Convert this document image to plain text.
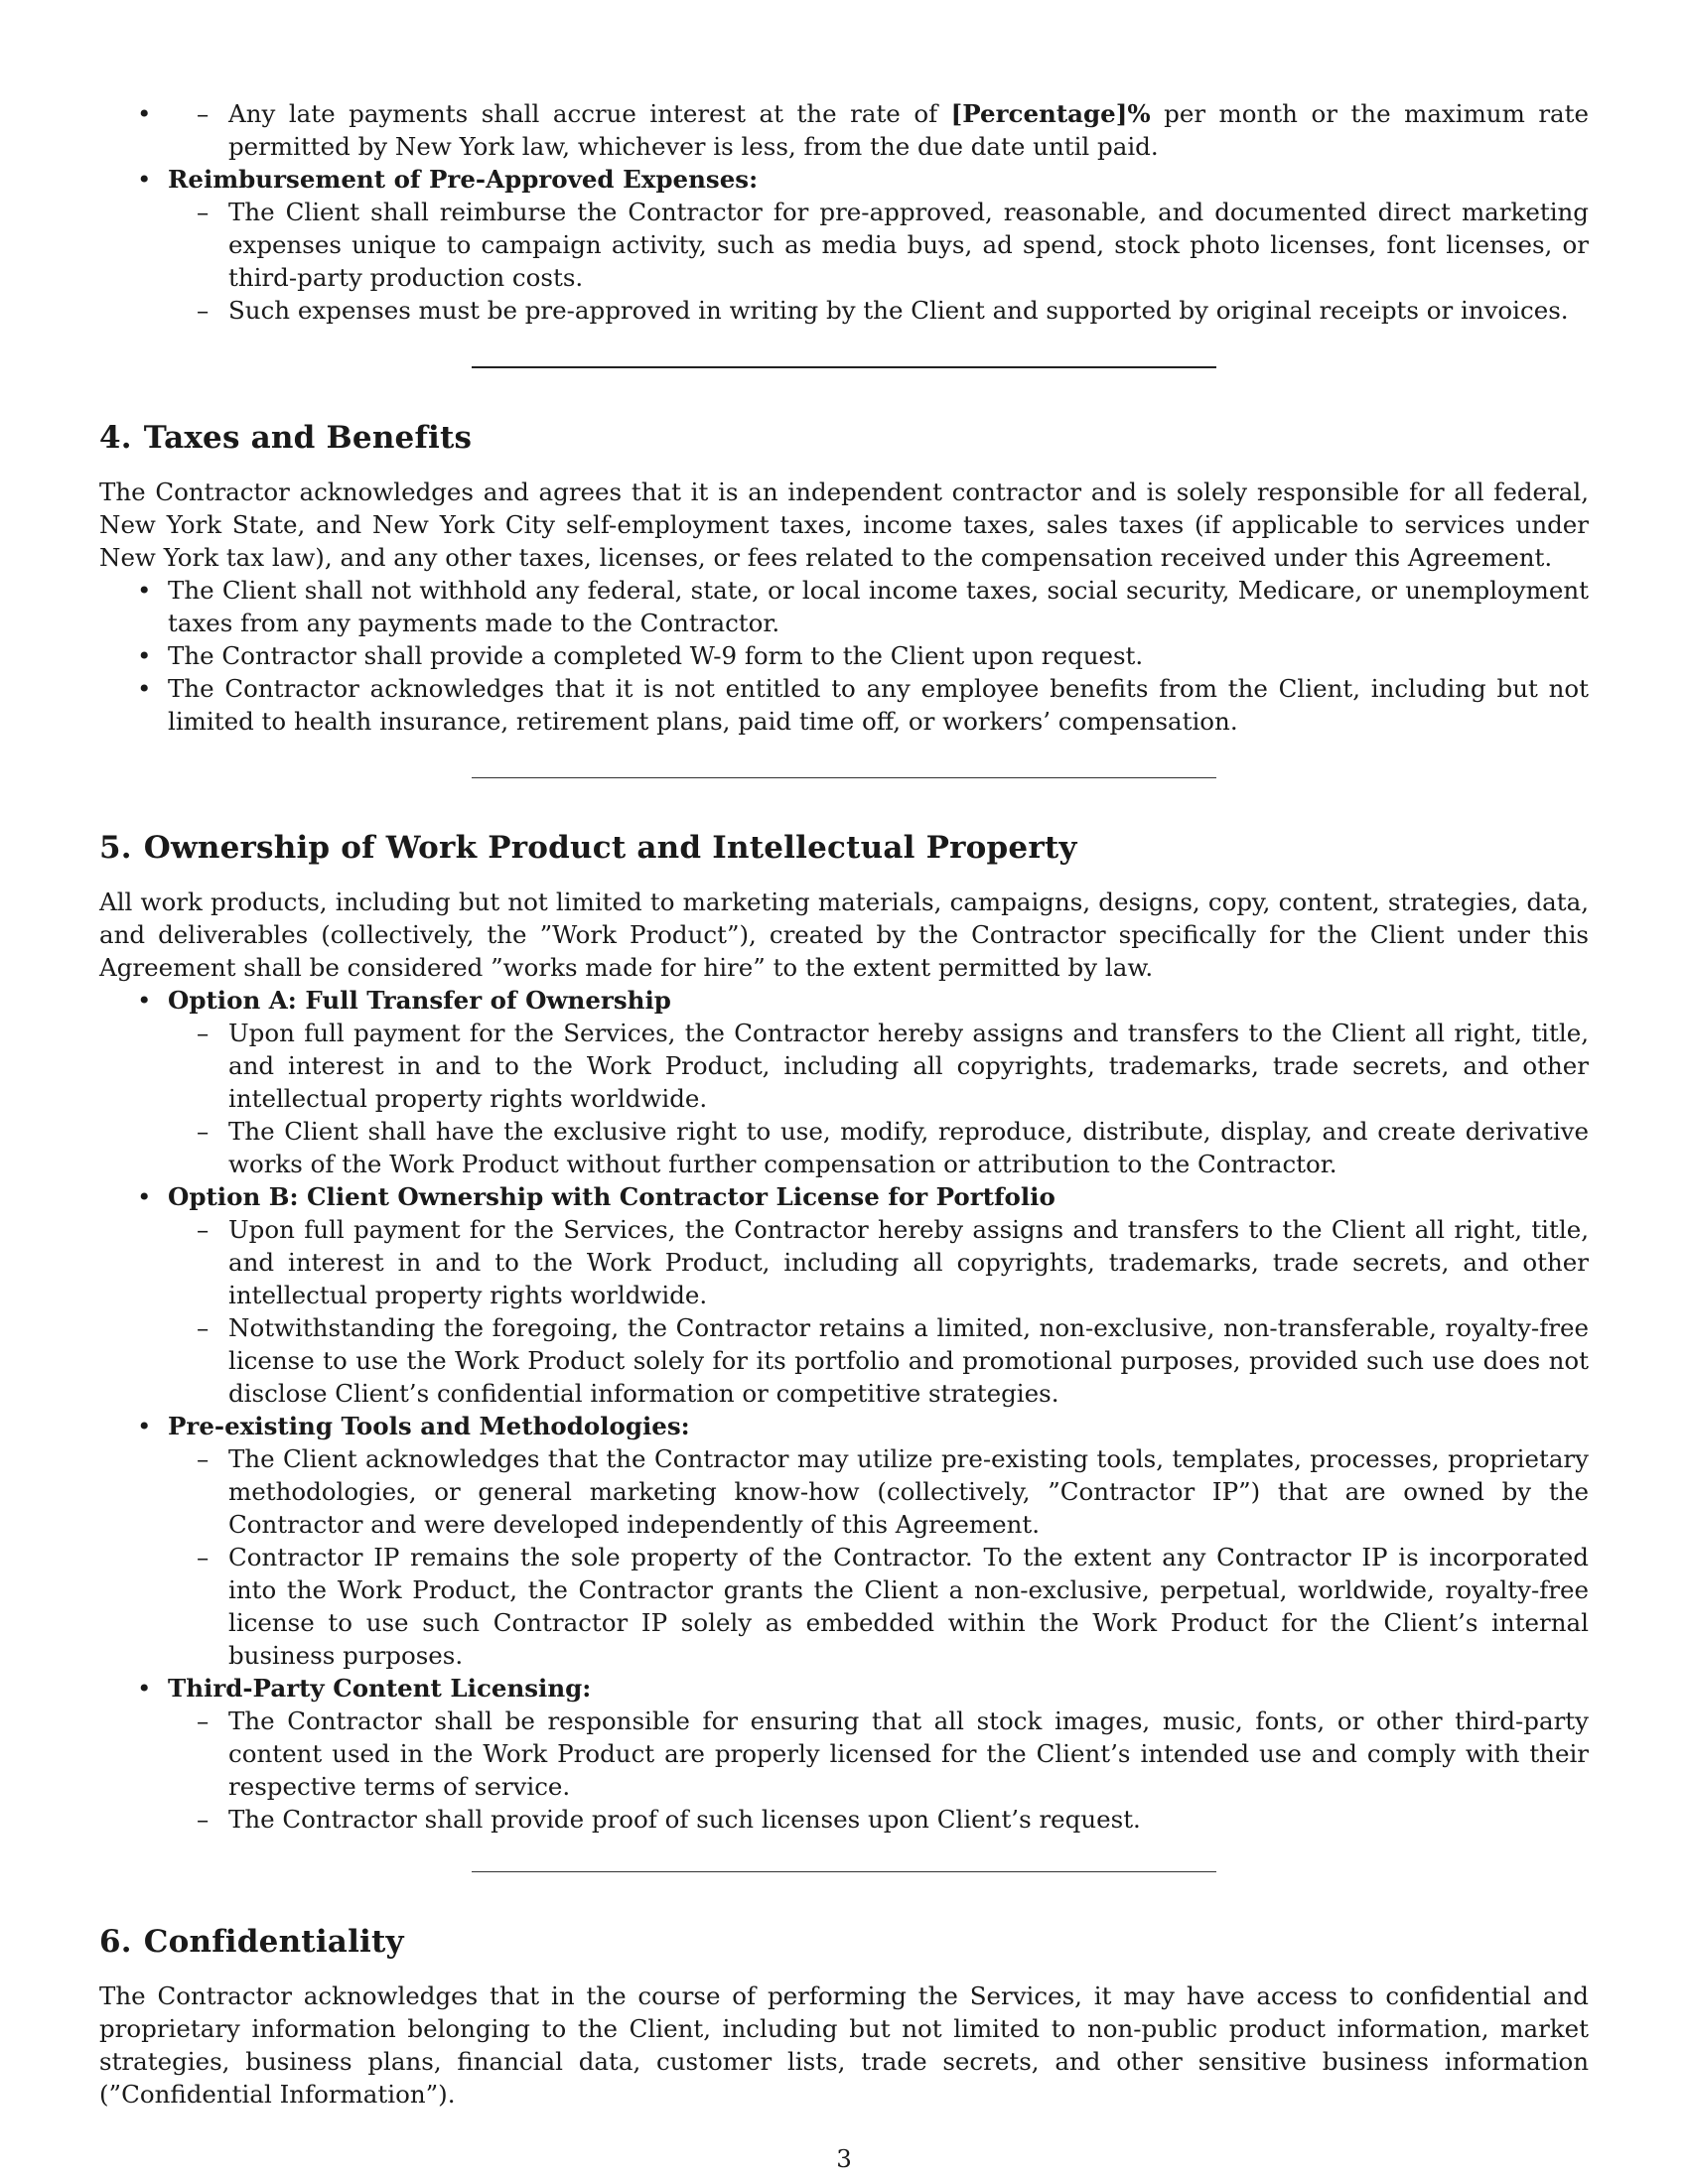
– • Any late payments shall accrue interest at the rate of [Percentage]% per month or the maximum rate permitted by New York law, whichever is less, from the due date until paid.
• Reimbursement of Pre-Approved Expenses:
– The Client shall reimburse the Contractor for pre-approved, reasonable, and documented direct marketing expenses unique to campaign activity, such as media buys, ad spend, stock photo licenses, font licenses, or third-party production costs.
– Such expenses must be pre-approved in writing by the Client and supported by original receipts or invoices.
4. Taxes and Benefits
The Contractor acknowledges and agrees that it is an independent contractor and is solely responsible for all federal, New York State, and New York City self-employment taxes, income taxes, sales taxes (if applicable to services under New York tax law), and any other taxes, licenses, or fees related to the compensation received under this Agreement.
• The Client shall not withhold any federal, state, or local income taxes, social security, Medicare, or unemployment taxes from any payments made to the Contractor.
• The Contractor shall provide a completed W-9 form to the Client upon request.
• The Contractor acknowledges that it is not entitled to any employee benefits from the Client, including but not limited to health insurance, retirement plans, paid time off, or workers’ compensation.
5. Ownership of Work Product and Intellectual Property
All work products, including but not limited to marketing materials, campaigns, designs, copy, content, strategies, data, and deliverables (collectively, the ”Work Product”), created by the Contractor specifically for the Client under this Agreement shall be considered ”works made for hire” to the extent permitted by law.
• Option A: Full Transfer of Ownership
– Upon full payment for the Services, the Contractor hereby assigns and transfers to the Client all right, title, and interest in and to the Work Product, including all copyrights, trademarks, trade secrets, and other intellectual property rights worldwide.
– The Client shall have the exclusive right to use, modify, reproduce, distribute, display, and create derivative works of the Work Product without further compensation or attribution to the Contractor.
• Option B: Client Ownership with Contractor License for Portfolio
– Upon full payment for the Services, the Contractor hereby assigns and transfers to the Client all right, title, and interest in and to the Work Product, including all copyrights, trademarks, trade secrets, and other intellectual property rights worldwide.
– Notwithstanding the foregoing, the Contractor retains a limited, non-exclusive, non-transferable, royalty-free license to use the Work Product solely for its portfolio and promotional purposes, provided such use does not disclose Client’s confidential information or competitive strategies.
• Pre-existing Tools and Methodologies:
– The Client acknowledges that the Contractor may utilize pre-existing tools, templates, processes, proprietary methodologies, or general marketing know-how (collectively, ”Contractor IP”) that are owned by the Contractor and were developed independently of this Agreement.
– Contractor IP remains the sole property of the Contractor. To the extent any Contractor IP is incorporated into the Work Product, the Contractor grants the Client a non-exclusive, perpetual, worldwide, royalty-free license to use such Contractor IP solely as embedded within the Work Product for the Client’s internal business purposes.
• Third-Party Content Licensing:
– The Contractor shall be responsible for ensuring that all stock images, music, fonts, or other third-party content used in the Work Product are properly licensed for the Client’s intended use and comply with their respective terms of service.
– The Contractor shall provide proof of such licenses upon Client’s request.
6. Confidentiality
The Contractor acknowledges that in the course of performing the Services, it may have access to confidential and proprietary information belonging to the Client, including but not limited to non-public product information, market strategies, business plans, financial data, customer lists, trade secrets, and other sensitive business information (”Confidential Information”).
3
